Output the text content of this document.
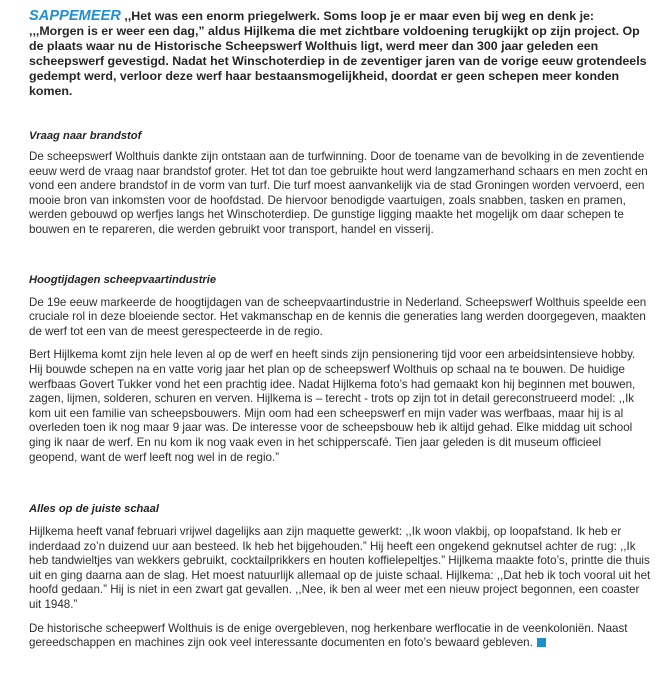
SAPPEMEER ,,Het was een enorm priegelwerk. Soms loop je er maar even bij weg en denk je: ,,,Morgen is er weer een dag,” aldus Hijlkema die met zichtbare voldoening terugkijkt op zijn project. Op de plaats waar nu de Historische Scheepswerf Wolthuis ligt, werd meer dan 300 jaar geleden een scheepswerf gevestigd. Nadat het Winschoterdiep in de zeventiger jaren van de vorige eeuw grotendeels gedempt werd, verloor deze werf haar bestaansmogelijkheid, doordat er geen schepen meer konden komen.

Vraag naar brandstof

De scheepswerf Wolthuis dankte zijn ontstaan aan de turfwinning. Door de toename van de bevolking in de zeventiende eeuw werd de vraag naar brandstof groter. Het tot dan toe gebruikte hout werd langzamerhand schaars en men zocht en vond een andere brandstof in de vorm van turf. Die turf moest aanvankelijk via de stad Groningen worden vervoerd, een mooie bron van inkomsten voor de hoofdstad. De hiervoor benodigde vaartuigen, zoals snabben, tasken en pramen, werden gebouwd op werfjes langs het Winschoterdiep. De gunstige ligging maakte het mogelijk om daar schepen te bouwen en te repareren, die werden gebruikt voor transport, handel en visserij.

Hoogtijdagen scheepvaartindustrie

De 19e eeuw markeerde de hoogtijdagen van de scheepvaartindustrie in Nederland. Scheepswerf Wolthuis speelde een cruciale rol in deze bloeiende sector. Het vakmanschap en de kennis die generaties lang werden doorgegeven, maakten de werf tot een van de meest gerespecteerde in de regio.

Bert Hijlkema komt zijn hele leven al op de werf en heeft sinds zijn pensionering tijd voor een arbeidsintensieve hobby. Hij bouwde schepen na en vatte vorig jaar het plan op de scheepswerf Wolthuis op schaal na te bouwen. De huidige werfbaas Govert Tukker vond het een prachtig idee. Nadat Hijlkema foto’s had gemaakt kon hij beginnen met bouwen, zagen, lijmen, solderen, schuren en verven. Hijlkema is – terecht - trots op zijn tot in detail gereconstrueerd model: ,,Ik kom uit een familie van scheepsbouwers. Mijn oom had een scheepswerf en mijn vader was werfbaas, maar hij is al overleden toen ik nog maar 9 jaar was. De interesse voor de scheepsbouw heb ik altijd gehad. Elke middag uit school ging ik naar de werf. En nu kom ik nog vaak even in het schipperscafé. Tien jaar geleden is dit museum officieel geopend, want de werf leeft nog wel in de regio.”

Alles op de juiste schaal

Hijlkema heeft vanaf februari vrijwel dagelijks aan zijn maquette gewerkt: ,,Ik woon vlakbij, op loopafstand. Ik heb er inderdaad zo’n duizend uur aan besteed. Ik heb het bijgehouden.” Hij heeft een ongekend geknutsel achter de rug: ,,Ik heb tandwieltjes van wekkers gebruikt, cocktailprikkers en houten koffielepeltjes.” Hijlkema maakte foto’s, printte die thuis uit en ging daarna aan de slag. Het moest natuurlijk allemaal op de juiste schaal. Hijlkema: ,,Dat heb ik toch vooral uit het hoofd gedaan.” Hij is niet in een zwart gat gevallen. ,,Nee, ik ben al weer met een nieuw project begonnen, een coaster uit 1948.”

De historische scheepwerf Wolthuis is de enige overgebleven, nog herkenbare werflocatie in de veenkoloniën. Naast gereedschappen en machines zijn ook veel interessante documenten en foto’s bewaard gebleven.
